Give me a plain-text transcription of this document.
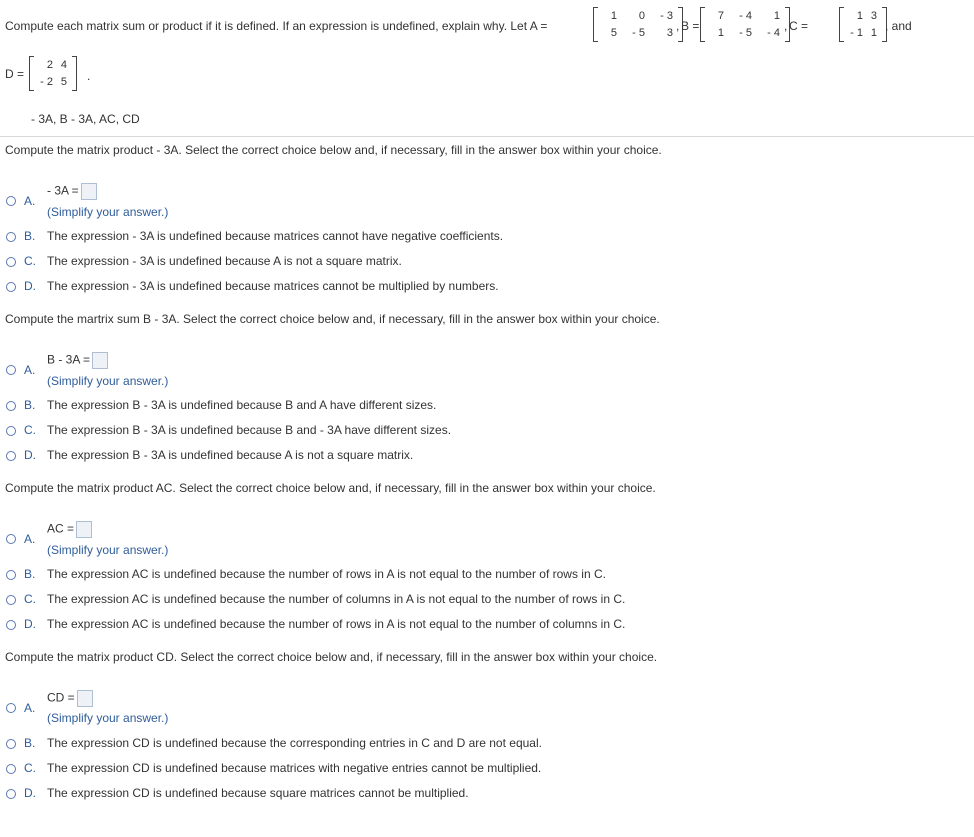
Compute each matrix sum or product if it is defined. If an expression is undefined, explain why. Let A =
1	0	- 3
5	- 5	3 , B =
7	- 4	1
1	- 5	- 4 , C =
1 3
- 1 1 , and
D =
2 4
- 2 5 .
- 3A, B - 3A, AC, CD
Compute the matrix product - 3A. Select the correct choice below and, if necessary, fill in the answer box within your choice.
- 3A =
A.
(Simplify your answer.)
B. The expression - 3A is undefined because matrices cannot have negative coefficients.
C. The expression - 3A is undefined because A is not a square matrix.
D. The expression - 3A is undefined because matrices cannot be multiplied by numbers.
Compute the martrix sum B - 3A. Select the correct choice below and, if necessary, fill in the answer box within your choice.
B - 3A =
A.
(Simplify your answer.)
B. The expression B - 3A is undefined because B and A have different sizes.
C. The expression B - 3A is undefined because B and - 3A have different sizes.
D. The expression B - 3A is undefined because A is not a square matrix.
Compute the matrix product AC. Select the correct choice below and, if necessary, fill in the answer box within your choice.
AC =
A.
(Simplify your answer.)
B. The expression AC is undefined because the number of rows in A is not equal to the number of rows in C.
C. The expression AC is undefined because the number of columns in A is not equal to the number of rows in C.
D. The expression AC is undefined because the number of rows in A is not equal to the number of columns in C.
Compute the matrix product CD. Select the correct choice below and, if necessary, fill in the answer box within your choice.
CD =
A.
(Simplify your answer.)
B. The expression CD is undefined because the corresponding entries in C and D are not equal.
C. The expression CD is undefined because matrices with negative entries cannot be multiplied.
D. The expression CD is undefined because square matrices cannot be multiplied.
